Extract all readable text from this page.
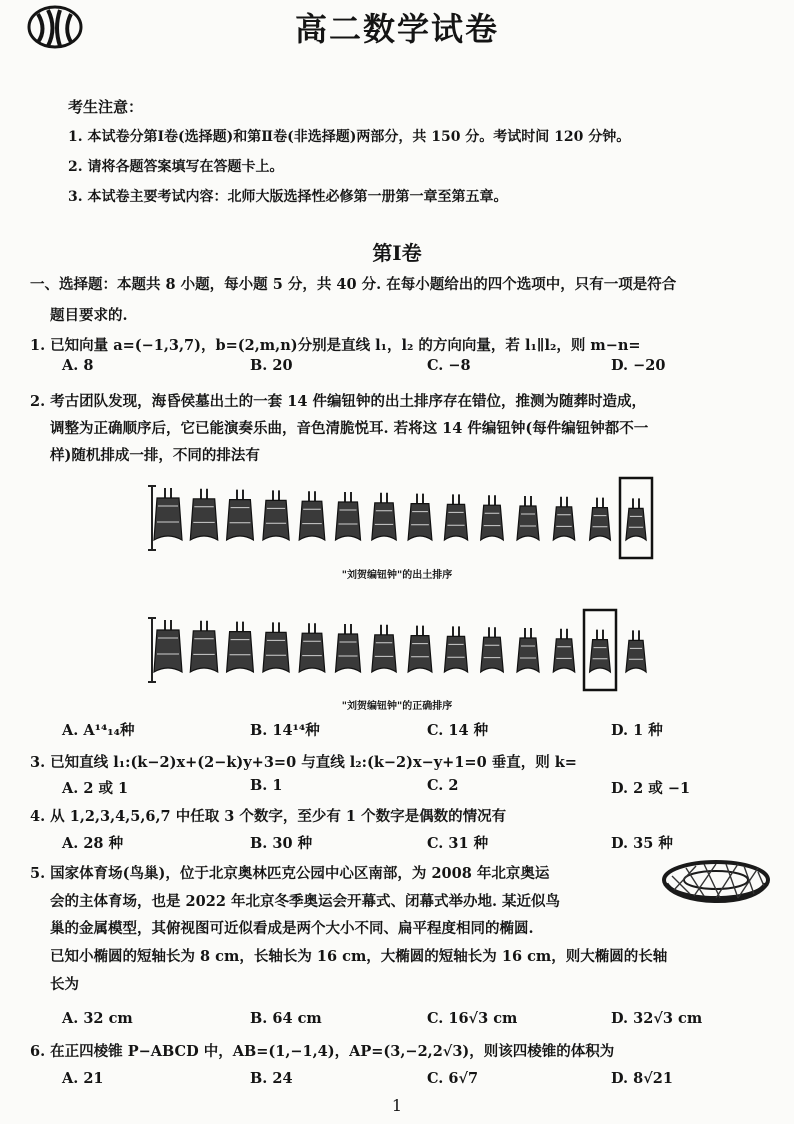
高二数学试卷
考生注意：
1. 本试卷分第Ⅰ卷(选择题)和第Ⅱ卷(非选择题)两部分，共 150 分。考试时间 120 分钟。
2. 请将各题答案填写在答题卡上。
3. 本试卷主要考试内容：北师大版选择性必修第一册第一章至第五章。
第Ⅰ卷
一、选择题：本题共 8 小题，每小题 5 分，共 40 分. 在每小题给出的四个选项中，只有一项是符合
题目要求的.
1. 已知向量 a=(−1,3,7)，b=(2,m,n)分别是直线 l₁，l₂ 的方向向量，若 l₁∥l₂，则 m−n=
A. 8	B. 20	C. −8	D. −20
2. 考古团队发现，海昏侯墓出土的一套 14 件编钮钟的出土排序存在错位，推测为随葬时造成，
调整为正确顺序后，它已能演奏乐曲，音色清脆悦耳. 若将这 14 件编钮钟(每件编钮钟都不一
样)随机排成一排，不同的排法有
"刘贺编钮钟"的出土排序
"刘贺编钮钟"的正确排序
A. A¹⁴₁₄种	B. 14¹⁴种	C. 14 种	D. 1 种
3. 已知直线 l₁:(k−2)x+(2−k)y+3=0 与直线 l₂:(k−2)x−y+1=0 垂直，则 k=
A. 2 或 1	B. 1	C. 2	D. 2 或 −1
4. 从 1,2,3,4,5,6,7 中任取 3 个数字，至少有 1 个数字是偶数的情况有
A. 28 种	B. 30 种	C. 31 种	D. 35 种
5. 国家体育场(鸟巢)，位于北京奥林匹克公园中心区南部，为 2008 年北京奥运
会的主体育场，也是 2022 年北京冬季奥运会开幕式、闭幕式举办地. 某近似鸟
巢的金属模型，其俯视图可近似看成是两个大小不同、扁平程度相同的椭圆.
已知小椭圆的短轴长为 8 cm，长轴长为 16 cm，大椭圆的短轴长为 16 cm，则大椭圆的长轴
长为
A. 32 cm	B. 64 cm	C. 16√3 cm	D. 32√3 cm
6. 在正四棱锥 P−ABCD 中，AB=(1,−1,4)，AP=(3,−2,2√3)，则该四棱锥的体积为
A. 21	B. 24	C. 6√7	D. 8√21
1
